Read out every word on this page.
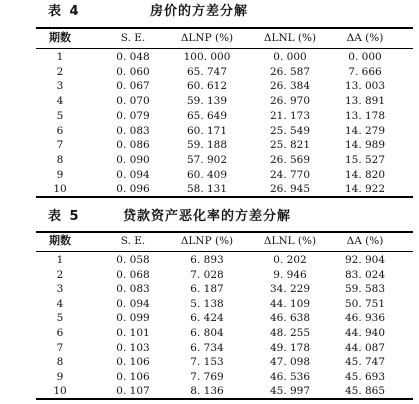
表 4	房价的方差分解
期数	S. E.	ΔLNP (%)	ΔLNL (%)	ΔA (%)
1	0. 048	100. 000	0. 000	0. 000
2	0. 060	65. 747	26. 587	7. 666
3	0. 067	60. 612	26. 384	13. 003
4	0. 070	59. 139	26. 970	13. 891
5	0. 079	65. 649	21. 173	13. 178
6	0. 083	60. 171	25. 549	14. 279
7	0. 086	59. 188	25. 821	14. 989
8	0. 090	57. 902	26. 569	15. 527
9	0. 094	60. 409	24. 770	14. 820
10	0. 096	58. 131	26. 945	14. 922
表 5	贷款资产恶化率的方差分解
期数	S. E.	ΔLNP (%)	ΔLNL (%)	ΔA (%)
1	0. 058	6. 893	0. 202	92. 904
2	0. 068	7. 028	9. 946	83. 024
3	0. 083	6. 187	34. 229	59. 583
4	0. 094	5. 138	44. 109	50. 751
5	0. 099	6. 424	46. 638	46. 936
6	0. 101	6. 804	48. 255	44. 940
7	0. 103	6. 734	49. 178	44. 087
8	0. 106	7. 153	47. 098	45. 747
9	0. 106	7. 769	46. 536	45. 693
10	0. 107	8. 136	45. 997	45. 865
